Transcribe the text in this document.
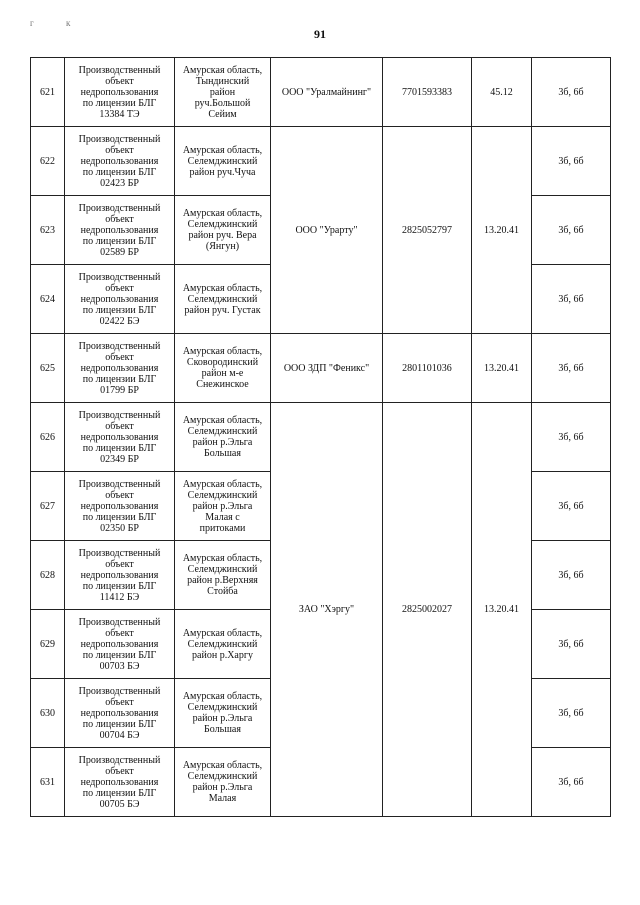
91
г	к
621	Производственный
объект
недропользования
по лицензии БЛГ
13384 ТЭ	Амурская область,
Тындинский
район
руч.Большой
Сейим	ООО "Уралмайнинг"	7701593383	45.12	3б, 6б
622	Производственный
объект
недропользования
по лицензии БЛГ
02423 БР	Амурская область,
Селемджинский
район руч.Чуча	ООО "Урарту"	2825052797	13.20.41	3б, 6б
623	Производственный
объект
недропользования
по лицензии БЛГ
02589 БР	Амурская область,
Селемджинский
район руч. Вера
(Янгун)				3б, 6б
624	Производственный
объект
недропользования
по лицензии БЛГ
02422 БЭ	Амурская область,
Селемджинский
район руч. Густак				3б, 6б
625	Производственный
объект
недропользования
по лицензии БЛГ
01799 БР	Амурская область,
Сковородинский
район м-е
Снежинское	ООО ЗДП "Феникс"	2801101036	13.20.41	3б, 6б
626	Производственный
объект
недропользования
по лицензии БЛГ
02349 БР	Амурская область,
Селемджинский
район р.Эльга
Большая	ЗАО "Хэргу"	2825002027	13.20.41	3б, 6б
627	Производственный
объект
недропользования
по лицензии БЛГ
02350 БР	Амурская область,
Селемджинский
район р.Эльга
Малая с
притоками				3б, 6б
628	Производственный
объект
недропользования
по лицензии БЛГ
11412 БЭ	Амурская область,
Селемджинский
район р.Верхняя
Стойба				3б, 6б
629	Производственный
объект
недропользования
по лицензии БЛГ
00703 БЭ	Амурская область,
Селемджинский
район р.Харгу				3б, 6б
630	Производственный
объект
недропользования
по лицензии БЛГ
00704 БЭ	Амурская область,
Селемджинский
район р.Эльга
Большая				3б, 6б
631	Производственный
объект
недропользования
по лицензии БЛГ
00705 БЭ	Амурская область,
Селемджинский
район р.Эльга
Малая				3б, 6б
